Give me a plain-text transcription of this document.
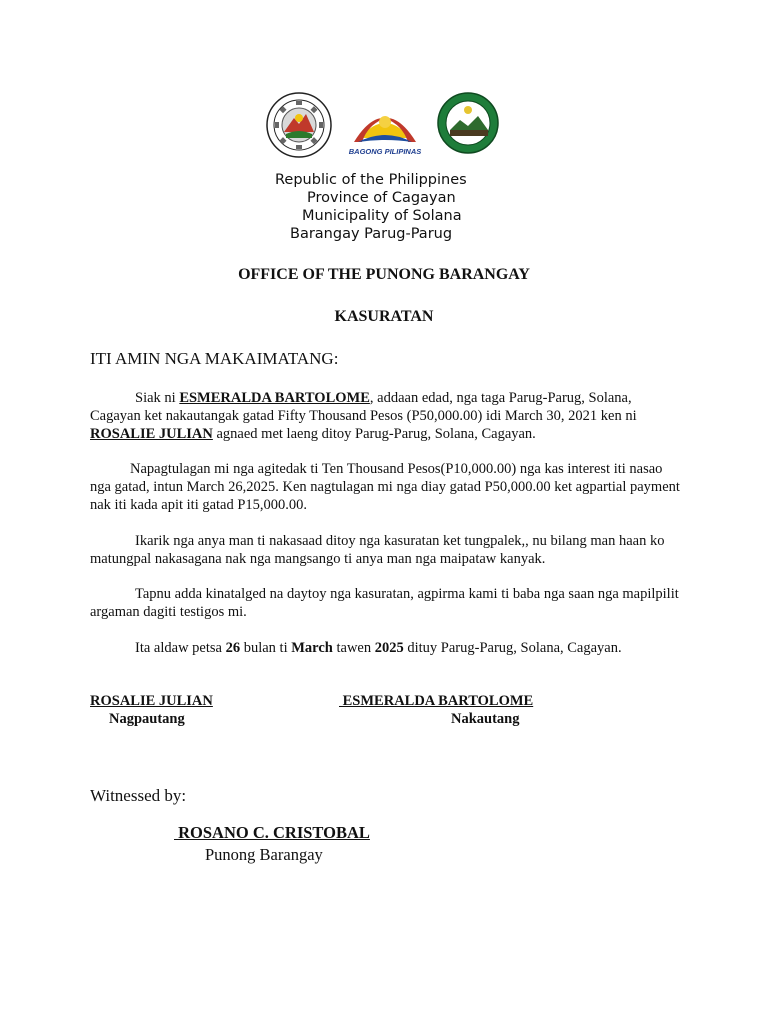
BAGONG PILIPINAS
Republic of the Philippines
Province of Cagayan
Municipality of Solana
Barangay Parug-Parug
OFFICE OF THE PUNONG BARANGAY
KASURATAN
ITI AMIN NGA MAKAIMATANG:
Siak ni ESMERALDA BARTOLOME, addaan edad, nga taga Parug-Parug, Solana, Cagayan ket nakautangak gatad Fifty Thousand Pesos (P50,000.00) idi March 30, 2021 ken ni ROSALIE JULIAN agnaed met laeng ditoy Parug-Parug, Solana, Cagayan.
Napagtulagan mi nga agitedak ti Ten Thousand Pesos(P10,000.00) nga kas interest iti nasao nga gatad, intun March 26,2025. Ken nagtulagan mi nga diay gatad P50,000.00 ket agpartial payment nak iti kada apit iti gatad P15,000.00.
Ikarik nga anya man ti nakasaad ditoy nga kasuratan ket tungpalek,, nu bilang man haan ko matungpal nakasagana nak nga mangsango ti anya man nga maipataw kanyak.
Tapnu adda kinatalged na daytoy nga kasuratan, agpirma kami ti baba nga saan nga mapilpilit argaman dagiti testigos mi.
Ita aldaw petsa 26 bulan ti March tawen 2025 dituy Parug-Parug, Solana, Cagayan.
ROSALIE JULIAN
Nagpautang
ESMERALDA BARTOLOME
Nakautang
Witnessed by:
ROSANO C. CRISTOBAL
Punong Barangay
